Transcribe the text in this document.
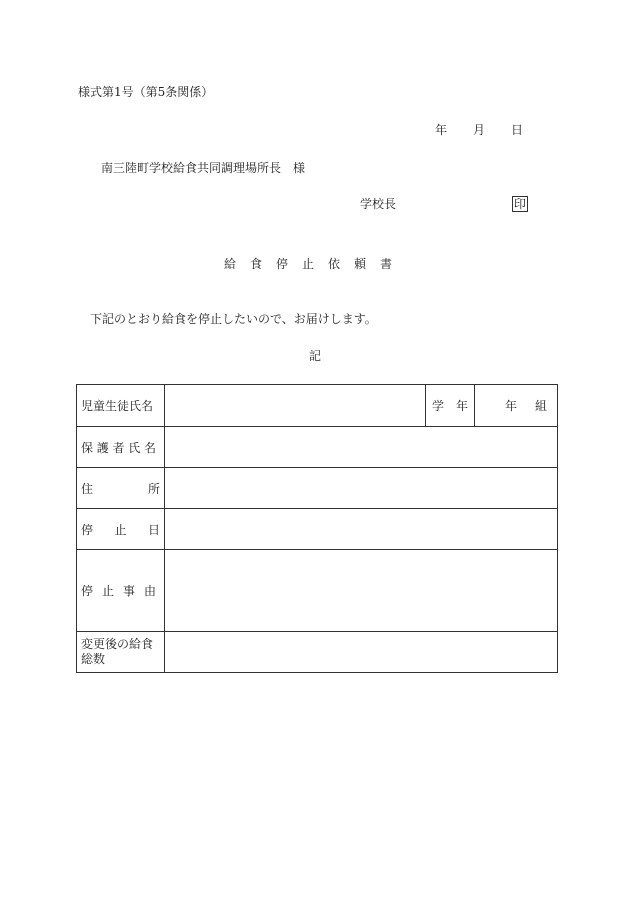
様式第1号（第5条関係）
年 月 日
南三陸町学校給食共同調理場所長 様
学校長	印
給食停止依頼書
下記のとおり給食を停止したいので、お届けします。
記
児童生徒氏名		学 年	年 組

保 護 者 氏 名			

住 所			

停 止 日			

停 止 事 由			

変更後の給食総数			
